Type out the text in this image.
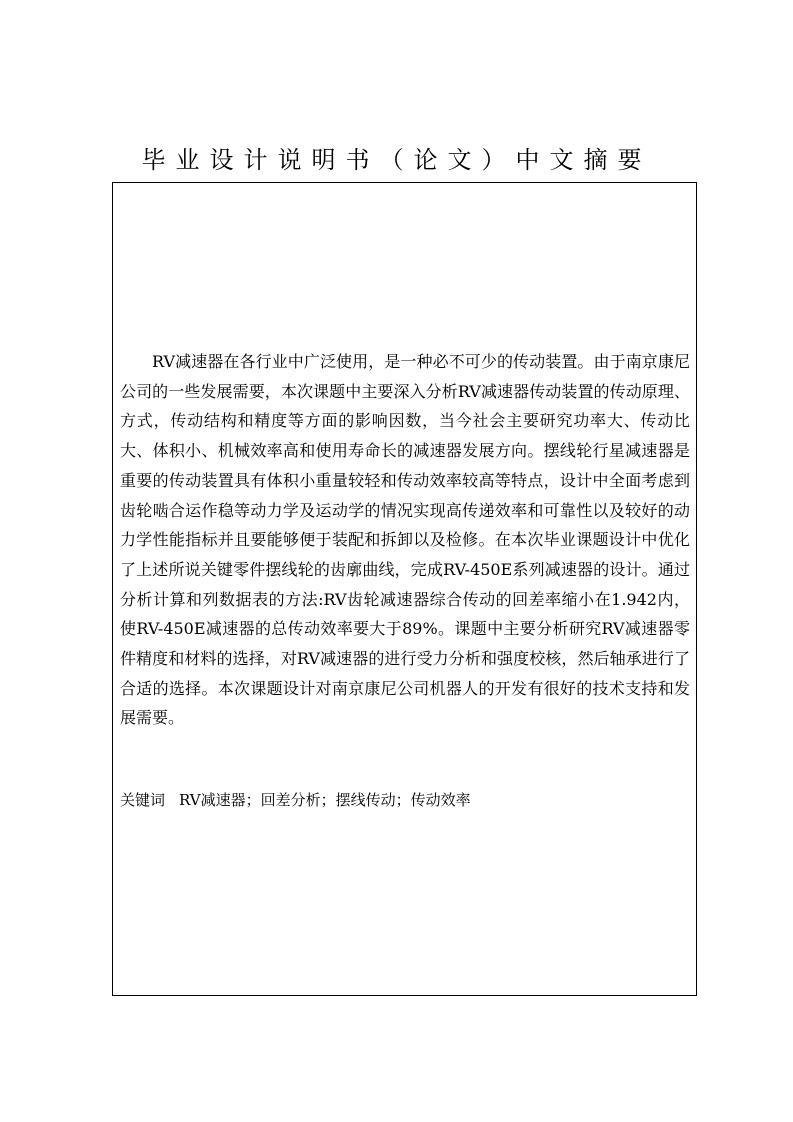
毕业设计说明书（论文）中文摘要

RV减速器在各行业中广泛使用，是一种必不可少的传动装置。由于南京康尼公司的一些发展需要，本次课题中主要深入分析RV减速器传动装置的传动原理、方式，传动结构和精度等方面的影响因数，当今社会主要研究功率大、传动比大、体积小、机械效率高和使用寿命长的减速器发展方向。摆线轮行星减速器是重要的传动装置具有体积小重量较轻和传动效率较高等特点，设计中全面考虑到齿轮啮合运作稳等动力学及运动学的情况实现高传递效率和可靠性以及较好的动力学性能指标并且要能够便于装配和拆卸以及检修。在本次毕业课题设计中优化了上述所说关键零件摆线轮的齿廓曲线，完成RV-450E系列减速器的设计。通过分析计算和列数据表的方法:RV齿轮减速器综合传动的回差率缩小在1.942内，使RV-450E减速器的总传动效率要大于89%。课题中主要分析研究RV减速器零件精度和材料的选择，对RV减速器的进行受力分析和强度校核，然后轴承进行了合适的选择。本次课题设计对南京康尼公司机器人的开发有很好的技术支持和发展需要。

关键词 RV减速器；回差分析；摆线传动；传动效率
